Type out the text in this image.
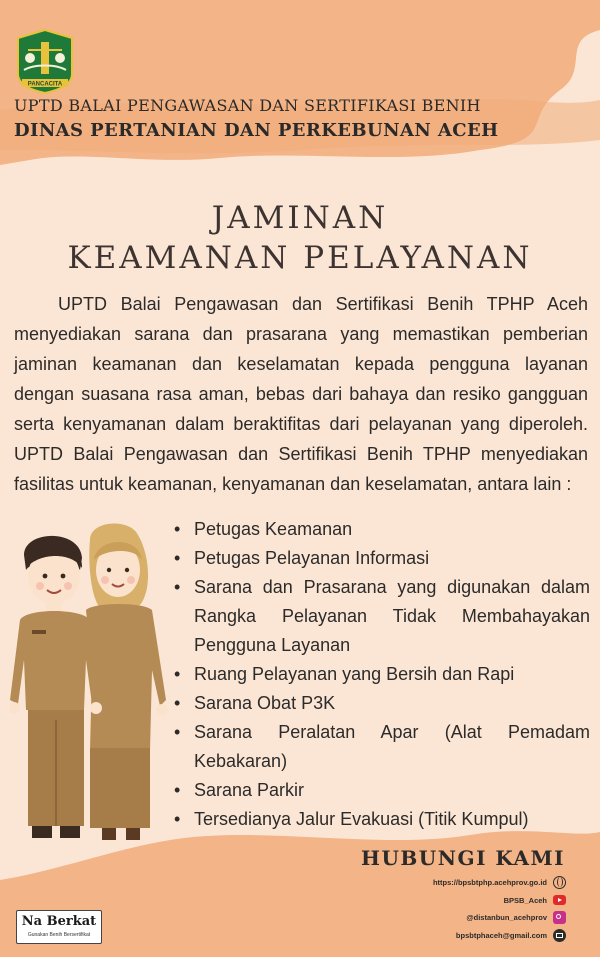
PANCACITA
UPTD BALAI PENGAWASAN DAN SERTIFIKASI BENIH
DINAS PERTANIAN DAN PERKEBUNAN ACEH
JAMINAN
KEAMANAN PELAYANAN
UPTD Balai Pengawasan dan Sertifikasi Benih TPHP Aceh menyediakan sarana dan prasarana yang memastikan pemberian jaminan keamanan dan keselamatan kepada pengguna layanan dengan suasana rasa aman, bebas dari bahaya dan resiko gangguan serta kenyamanan dalam beraktifitas dari pelayanan yang diperoleh. UPTD Balai Pengawasan dan Sertifikasi Benih TPHP menyediakan fasilitas untuk keamanan, kenyamanan dan keselamatan, antara lain :
• Petugas Keamanan
• Petugas Pelayanan Informasi
• Sarana dan Prasarana yang digunakan dalam Rangka Pelayanan Tidak Membahayakan Pengguna Layanan
• Ruang Pelayanan yang Bersih dan Rapi
• Sarana Obat P3K
• Sarana Peralatan Apar (Alat Pemadam Kebakaran)
• Sarana Parkir
• Tersedianya Jalur Evakuasi (Titik Kumpul)
HUBUNGI KAMI
https://bpsbtphp.acehprov.go.id
BPSB_Aceh
@distanbun_acehprov
bpsbtphaceh@gmail.com
Na Berkat
Gunakan Benih Bersertifikat
